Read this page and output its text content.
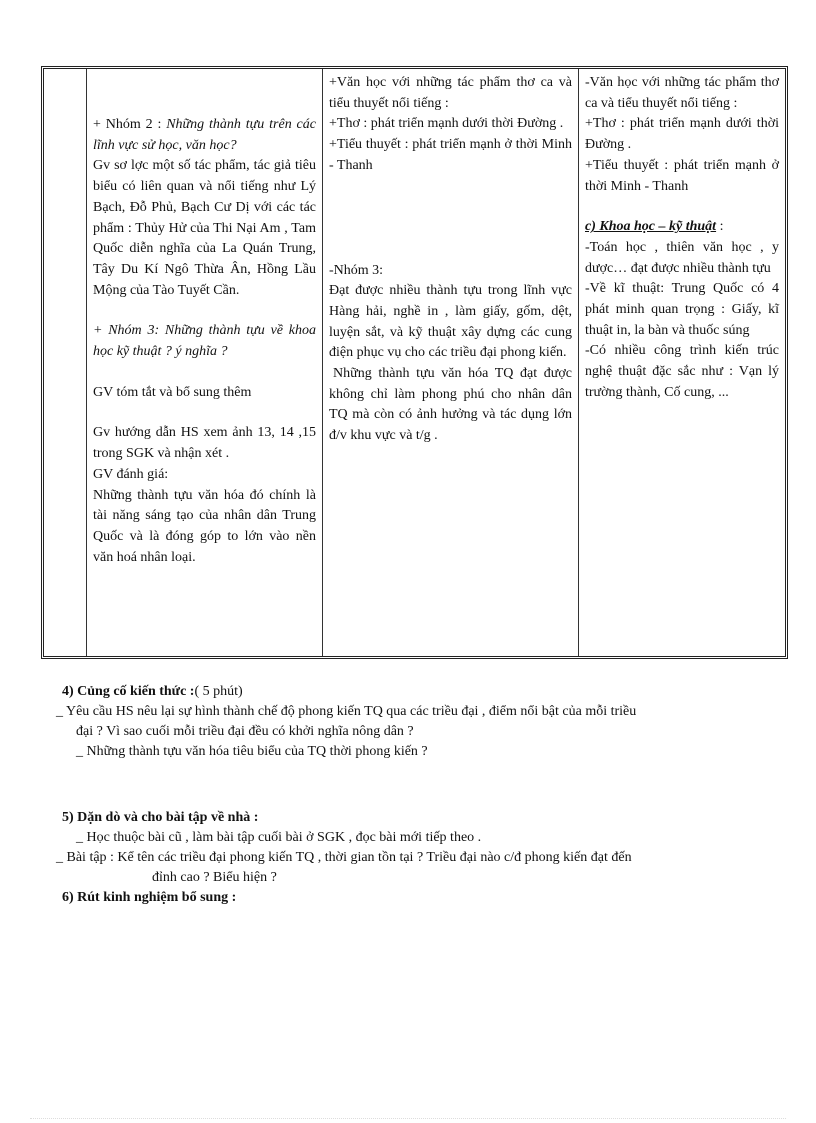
+ Nhóm 2 : Những thành tựu trên các lĩnh vực sử học, văn học?
Gv sơ lợc một số tác phẩm, tác giả tiêu biểu có liên quan và nổi tiếng như Lý Bạch, Đỗ Phủ, Bạch Cư Dị với các tác phẩm : Thủy Hử của Thi Nại Am , Tam Quốc diễn nghĩa của La Quán Trung, Tây Du Kí Ngô Thừa Ân, Hồng Lầu Mộng của Tào Tuyết Cần.
+ Nhóm 3: Những thành tựu về khoa học kỹ thuật ? ý nghĩa ?
GV tóm tắt và bổ sung thêm
Gv hướng dẫn HS xem ảnh 13, 14 ,15 trong SGK và nhận xét .
GV đánh giá:
Những thành tựu văn hóa đó chính là tài năng sáng tạo của nhân dân Trung Quốc và là đóng góp to lớn vào nền văn hoá nhân loại.
+Văn học với những tác phẩm thơ ca và tiểu thuyết nổi tiếng :
+Thơ : phát triển mạnh dưới thời Đường .
+Tiểu thuyết : phát triển mạnh ở thời Minh - Thanh
-Nhóm 3:
Đạt được nhiều thành tựu trong lĩnh vực Hàng hải, nghề in , làm giấy, gốm, dệt, luyện sắt, và kỹ thuật xây dựng các cung điện phục vụ cho các triều đại phong kiến.
Những thành tựu văn hóa TQ đạt được không chỉ làm phong phú cho nhân dân TQ mà còn có ảnh hưởng và tác dụng lớn đ/v khu vực và t/g .
-Văn học với những tác phẩm thơ ca và tiểu thuyết nổi tiếng :
+Thơ : phát triển mạnh dưới thời Đường .
+Tiểu thuyết : phát triển mạnh ở thời Minh - Thanh
c) Khoa học – kỹ thuật :
-Toán học , thiên văn học , y dược… đạt được nhiều thành tựu
-Về kĩ thuật: Trung Quốc có 4 phát minh quan trọng : Giấy, kĩ thuật in, la bàn và thuốc súng
-Có nhiều công trình kiến trúc nghệ thuật đặc sắc như : Vạn lý trường thành, Cố cung, ...
4) Củng cố kiến thức :( 5 phút)
_ Yêu cầu HS nêu lại sự hình thành chế độ phong kiến TQ qua các triều đại , điểm nổi bật của mỗi triều
đại ? Vì sao cuối mỗi triều đại đều có khởi nghĩa nông dân ?
_ Những thành tựu văn hóa tiêu biểu của TQ thời phong kiến ?
5) Dặn dò và cho bài tập về nhà :
_ Học thuộc bài cũ , làm bài tập cuối bài ở SGK , đọc bài mới tiếp theo .
_ Bài tập : Kể tên các triều đại phong kiến TQ , thời gian tồn tại ? Triều đại nào c/đ phong kiến đạt đến
đỉnh cao ? Biểu hiện ?
6) Rút kinh nghiệm bổ sung :
